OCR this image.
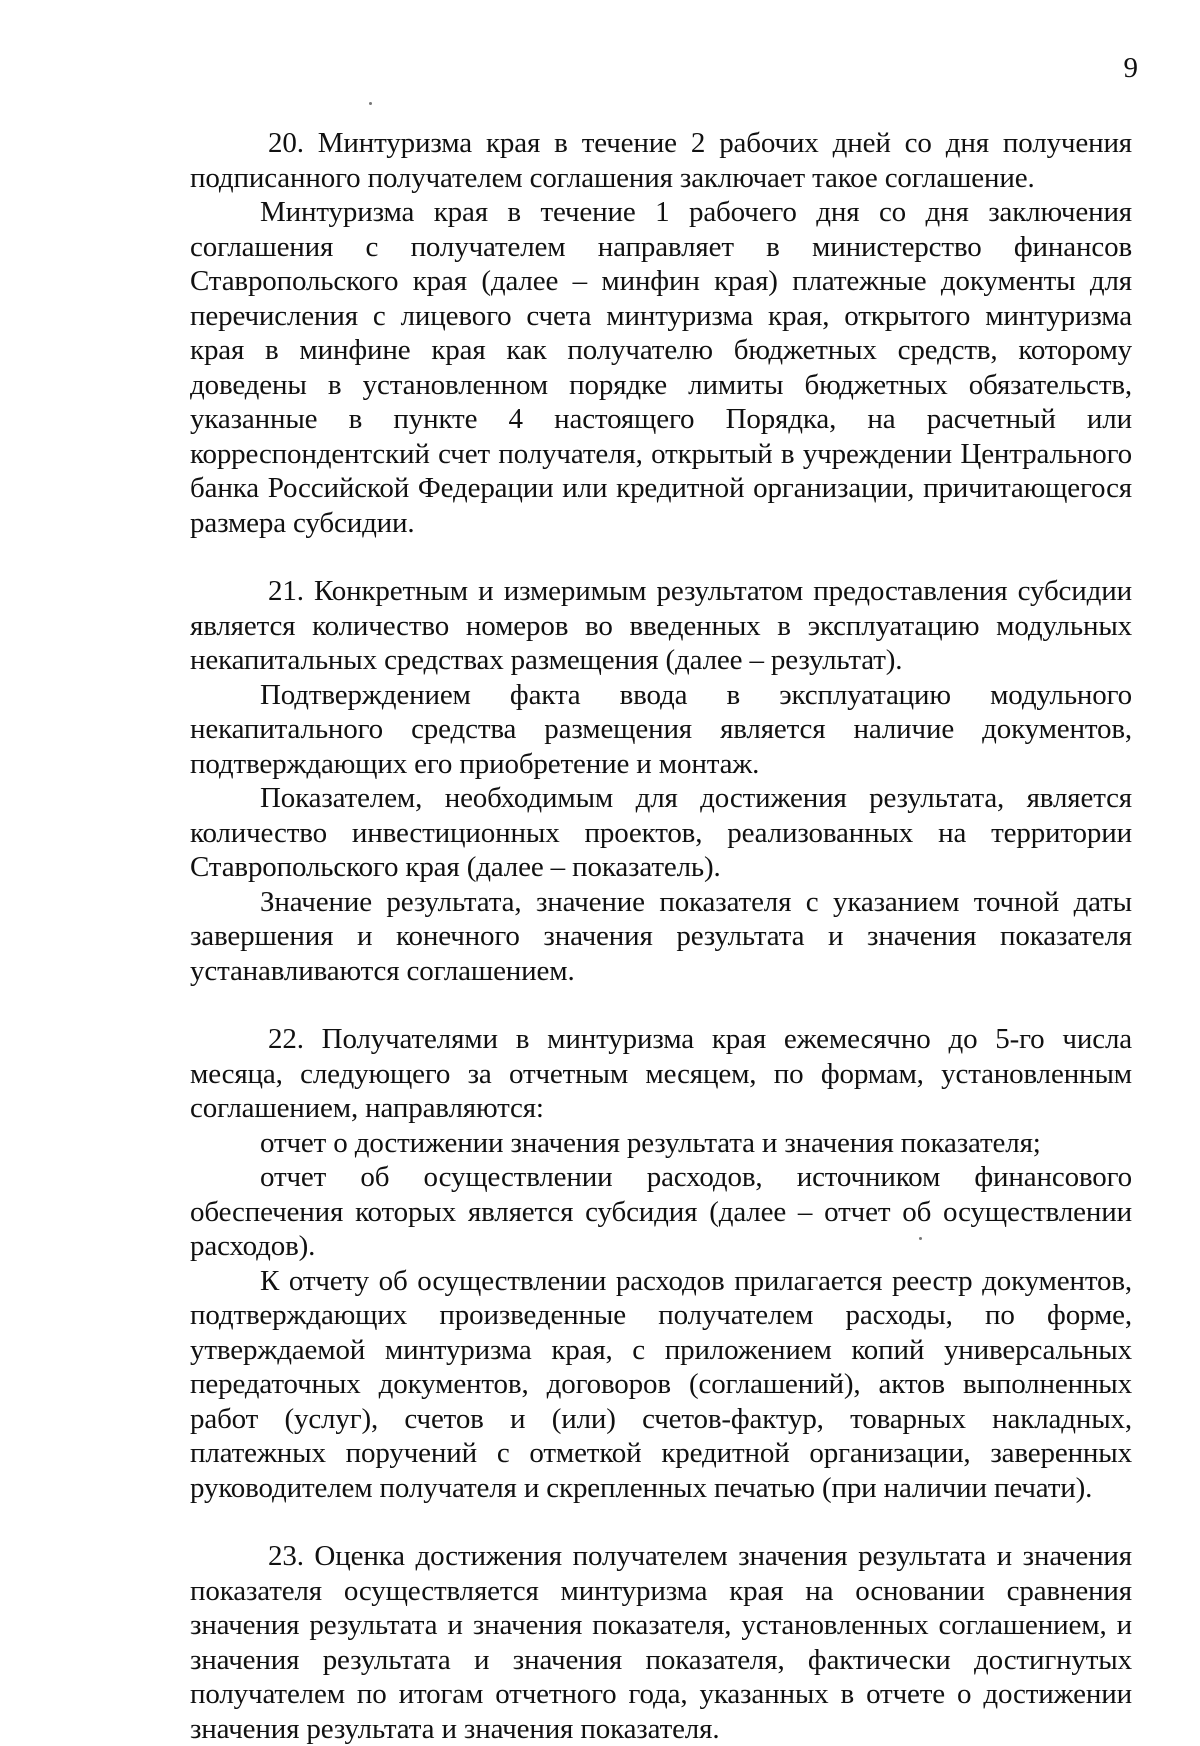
9

20. Минтуризма края в течение 2 рабочих дней со дня получения подписанного получателем соглашения заключает такое соглашение.

Минтуризма края в течение 1 рабочего дня со дня заключения соглашения с получателем направляет в министерство финансов Ставропольского края (далее – минфин края) платежные документы для перечисления с лицевого счета минтуризма края, открытого минтуризма края в минфине края как получателю бюджетных средств, которому доведены в установленном порядке лимиты бюджетных обязательств, указанные в пункте 4 настоящего Порядка, на расчетный или корреспондентский счет получателя, открытый в учреждении Центрального банка Российской Федерации или кредитной организации, причитающегося размера субсидии.

21. Конкретным и измеримым результатом предоставления субсидии является количество номеров во введенных в эксплуатацию модульных некапитальных средствах размещения (далее – результат).

Подтверждением факта ввода в эксплуатацию модульного некапитального средства размещения является наличие документов, подтверждающих его приобретение и монтаж.

Показателем, необходимым для достижения результата, является количество инвестиционных проектов, реализованных на территории Ставропольского края (далее – показатель).

Значение результата, значение показателя с указанием точной даты завершения и конечного значения результата и значения показателя устанавливаются соглашением.

22. Получателями в минтуризма края ежемесячно до 5-го числа месяца, следующего за отчетным месяцем, по формам, установленным соглашением, направляются:

отчет о достижении значения результата и значения показателя;

отчет об осуществлении расходов, источником финансового обеспечения которых является субсидия (далее – отчет об осуществлении расходов).

К отчету об осуществлении расходов прилагается реестр документов, подтверждающих произведенные получателем расходы, по форме, утверждаемой минтуризма края, с приложением копий универсальных передаточных документов, договоров (соглашений), актов выполненных работ (услуг), счетов и (или) счетов-фактур, товарных накладных, платежных поручений с отметкой кредитной организации, заверенных руководителем получателя и скрепленных печатью (при наличии печати).

23. Оценка достижения получателем значения результата и значения показателя осуществляется минтуризма края на основании сравнения значения результата и значения показателя, установленных соглашением, и значения результата и значения показателя, фактически достигнутых получателем по итогам отчетного года, указанных в отчете о достижении значения результата и значения показателя.
